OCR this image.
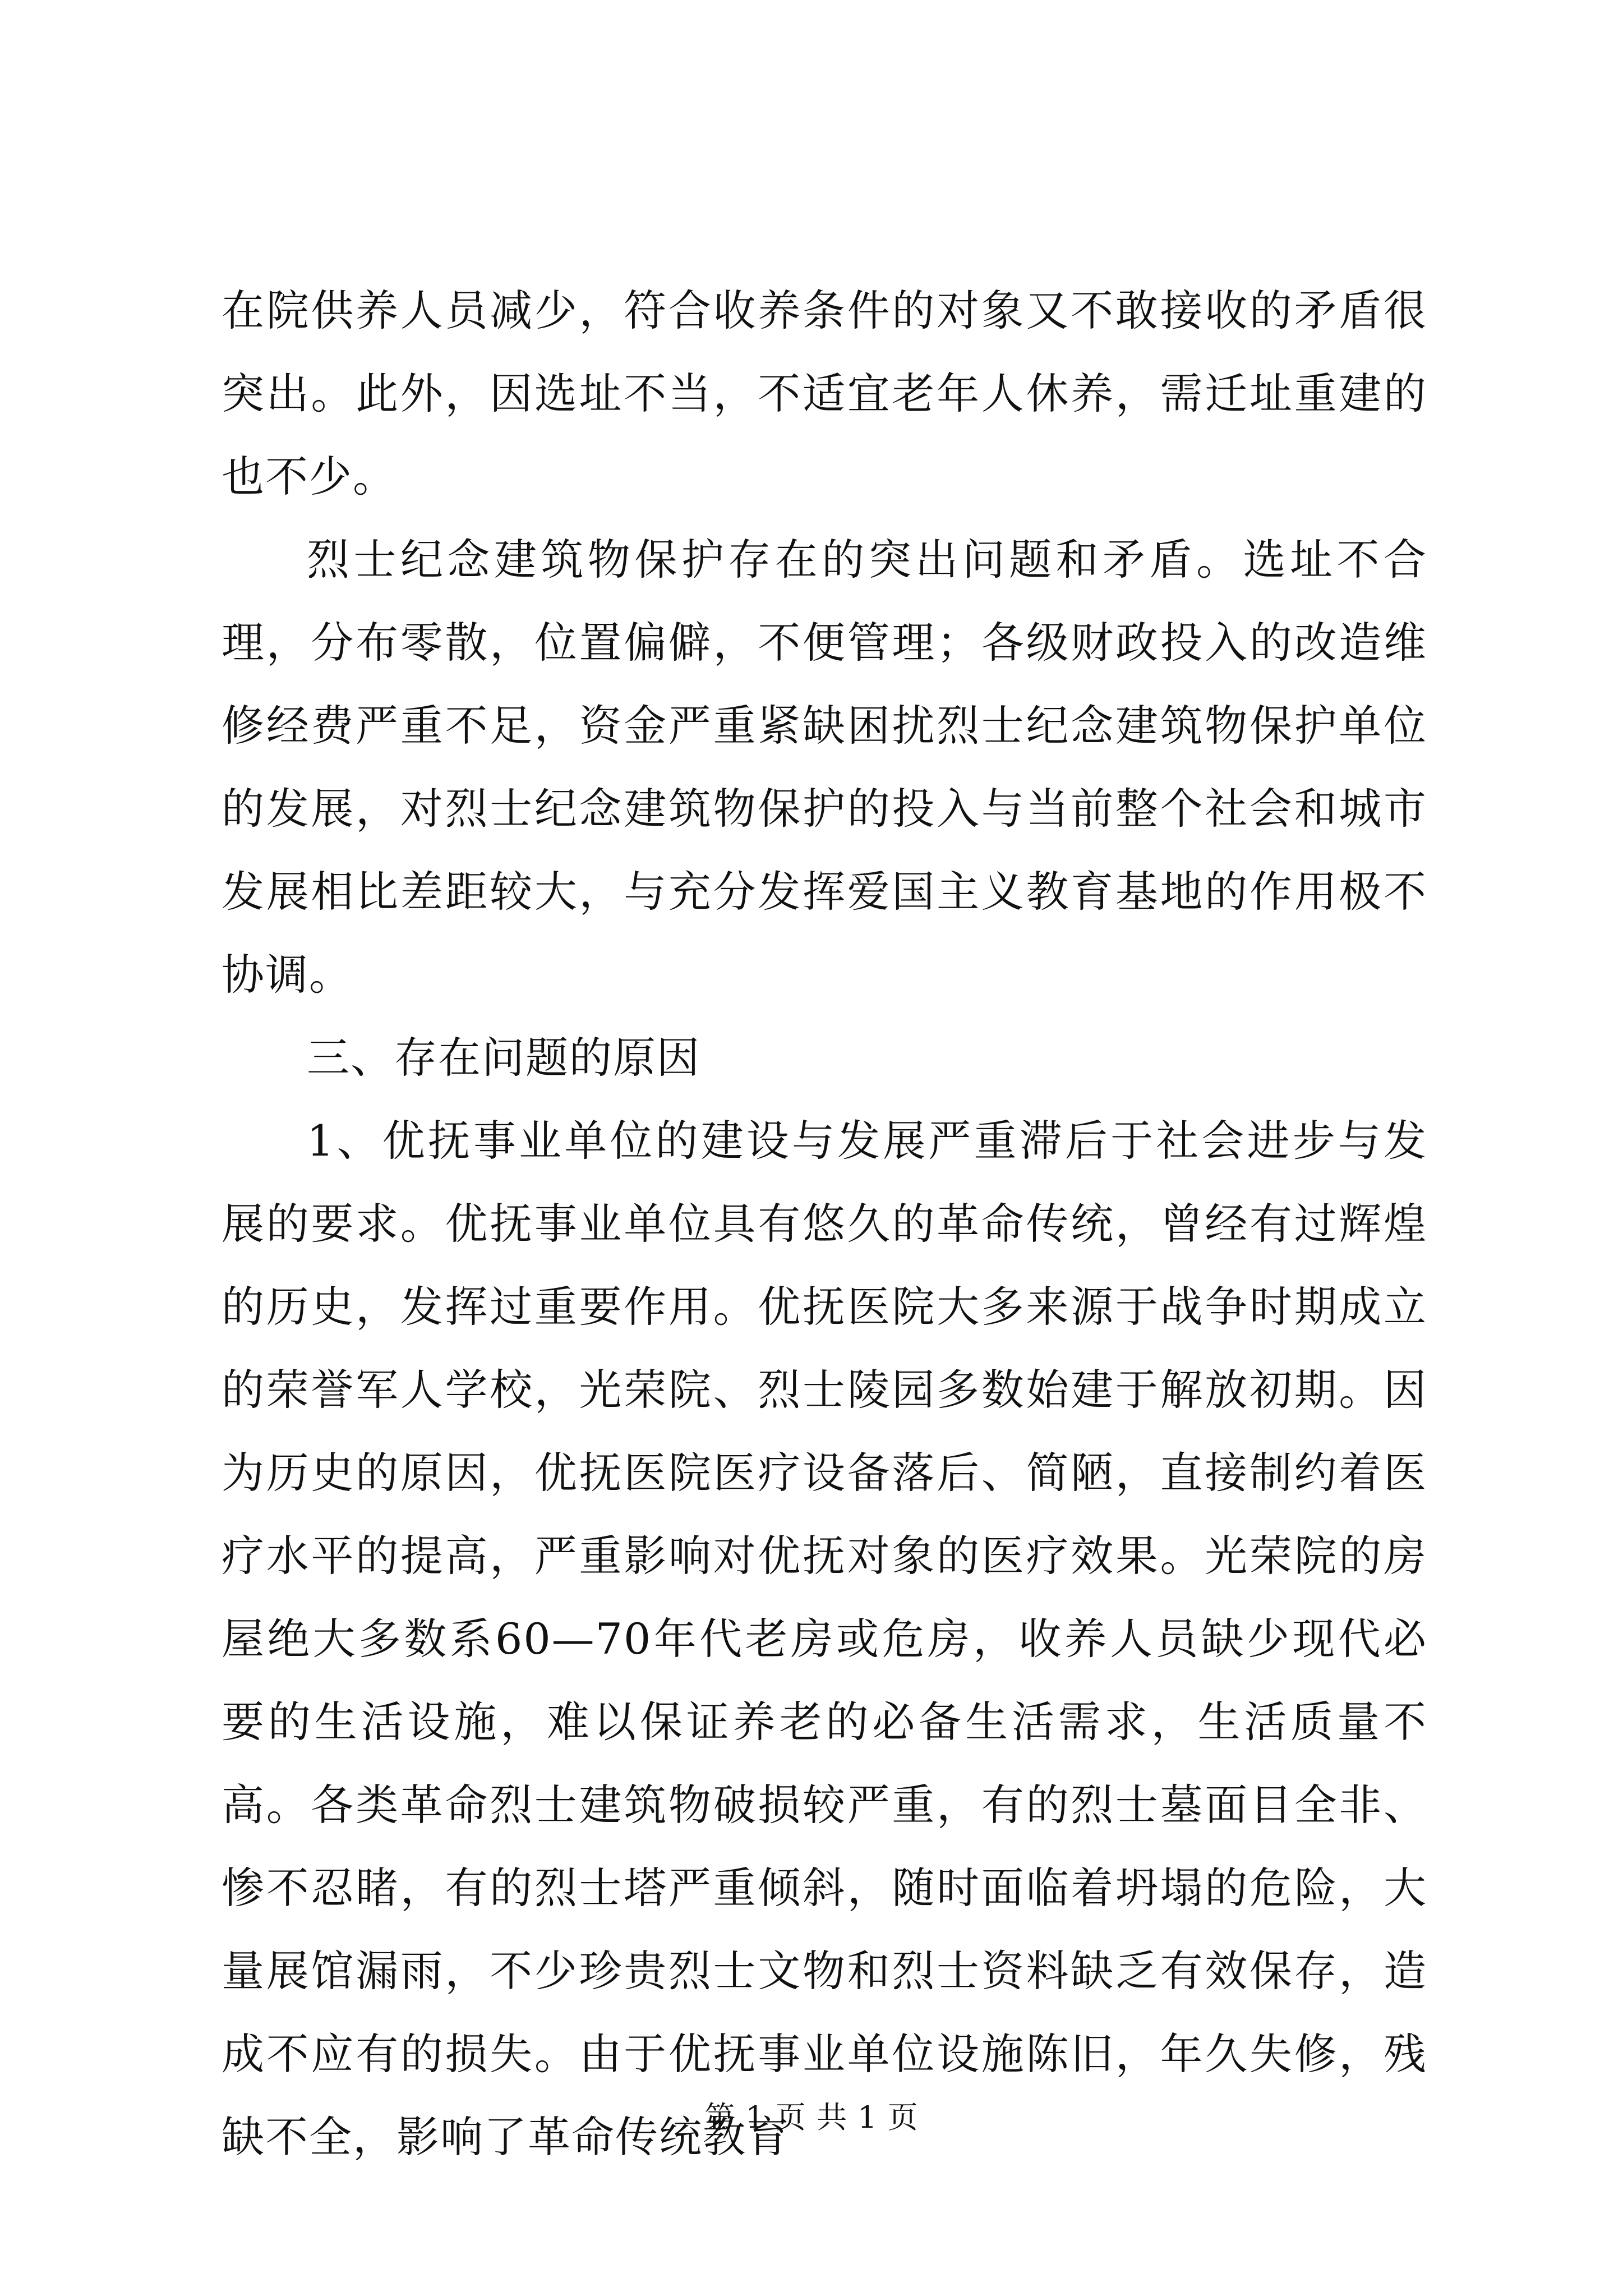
在院供养人员减少，符合收养条件的对象又不敢接收的矛盾很突出。此外，因选址不当，不适宜老年人休养，需迁址重建的也不少。

烈士纪念建筑物保护存在的突出问题和矛盾。选址不合理，分布零散，位置偏僻，不便管理；各级财政投入的改造维修经费严重不足，资金严重紧缺困扰烈士纪念建筑物保护单位的发展，对烈士纪念建筑物保护的投入与当前整个社会和城市发展相比差距较大，与充分发挥爱国主义教育基地的作用极不协调。

三、存在问题的原因

1、优抚事业单位的建设与发展严重滞后于社会进步与发展的要求。优抚事业单位具有悠久的革命传统，曾经有过辉煌的历史，发挥过重要作用。优抚医院大多来源于战争时期成立的荣誉军人学校，光荣院、烈士陵园多数始建于解放初期。因为历史的原因，优抚医院医疗设备落后、简陋，直接制约着医疗水平的提高，严重影响对优抚对象的医疗效果。光荣院的房屋绝大多数系60—70年代老房或危房，收养人员缺少现代必要的生活设施，难以保证养老的必备生活需求，生活质量不高。各类革命烈士建筑物破损较严重，有的烈士墓面目全非、惨不忍睹，有的烈士塔严重倾斜，随时面临着坍塌的危险，大量展馆漏雨，不少珍贵烈士文物和烈士资料缺乏有效保存，造成不应有的损失。由于优抚事业单位设施陈旧，年久失修，残缺不全，影响了革命传统教育

第 1 页 共 1 页
